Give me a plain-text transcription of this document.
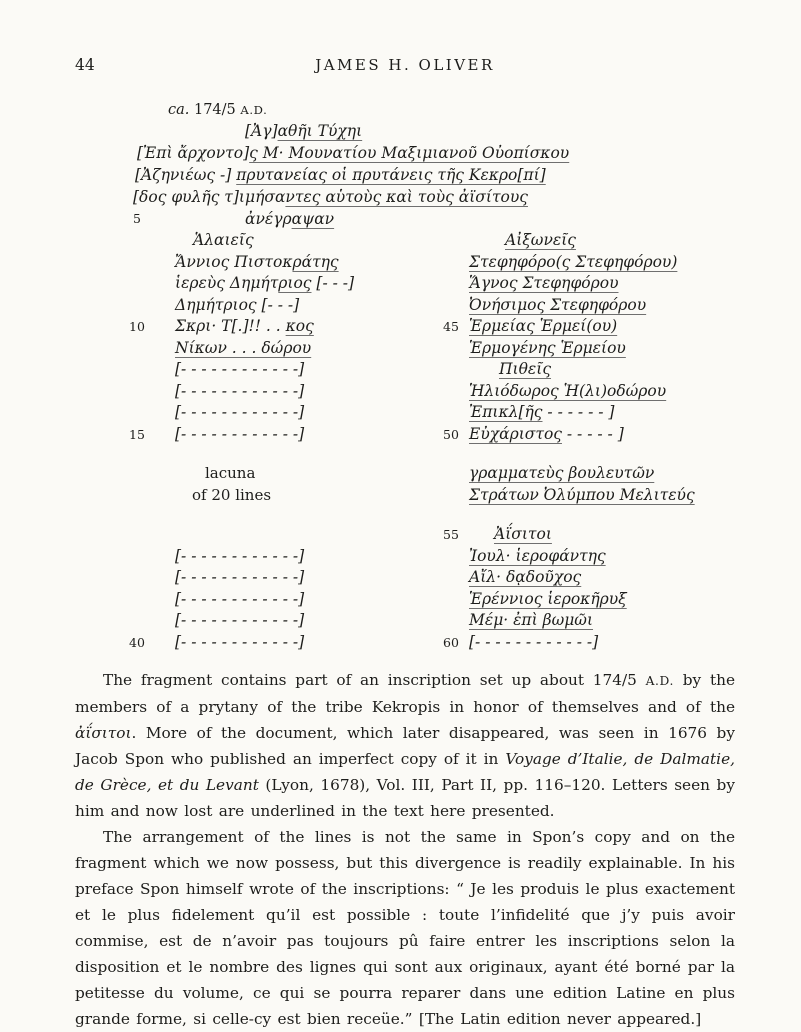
44	JAMES H. OLIVER
ca. 174/5 A.D.
[Ἀγ]αθῆι Τύχηι
[Ἐπὶ ἄρχοντο]ς Μ· Μουνατίου Μαξιμιανοῦ Οὐοπίσκου
[Ἀζηνιέως -] πρυτανείας οἱ πρυτάνεις τῆς Κεκρο[πί]
[δος φυλῆς τ]ιμήσαντες αὑτοὺς καὶ τοὺς ἀϊσίτους
5	ἀνέγραψαν
Ἁλαιεῖς	Αἰξωνεῖς
Ἄννιος Πιστοκράτης	Στεφηφόρο(ς Στεφηφόρου)
ἱερεὺς Δημήτριος [- - -]	Ἅγνος Στεφηφόρου
Δημήτριος [- - -]	Ὀνήσιμος Στεφηφόρου
10	Σκρι· Τ[.]!! . . κος	45 Ἑρμείας Ἑρμεί(ου)
Νίκων . . . δώρου	Ἑρμογένης Ἑρμείου
[- - - - - - - - - - - -]	Πιθεῖς
[- - - - - - - - - - - -]	Ἡλιόδωρος Ἡ(λι)οδώρου
[- - - - - - - - - - - -]	Ἐπικλ[ῆς - - - - - - ]
15	[- - - - - - - - - - - -]	50 Εὐχάριστος - - - - - ]
lacuna	γραμματεὺς βουλευτῶν
of 20 lines	Στράτων Ὀλύμπου Μελιτεύς
55	Ἀΐσιτοι
[- - - - - - - - - - - -]	Ἰουλ· ἱεροφάντης
[- - - - - - - - - - - -]	Αἴλ· δᾳδοῦχος
[- - - - - - - - - - - -]	Ἑρέννιος ἱεροκῆρυξ
[- - - - - - - - - - - -]	Μέμ· ἐπὶ βωμῶι
40	[- - - - - - - - - - - -]	60 [- - - - - - - - - - - -]

The fragment contains part of an inscription set up about 174/5 A.D. by the members of a prytany of the tribe Kekropis in honor of themselves and of the ἀΐσιτοι. More of the document, which later disappeared, was seen in 1676 by Jacob Spon who published an imperfect copy of it in Voyage d’Italie, de Dalmatie, de Grèce, et du Levant (Lyon, 1678), Vol. III, Part II, pp. 116–120. Letters seen by him and now lost are underlined in the text here presented.

The arrangement of the lines is not the same in Spon’s copy and on the fragment which we now possess, but this divergence is readily explainable. In his preface Spon himself wrote of the inscriptions: “ Je les produis le plus exactement et le plus fidelement qu’il est possible : toute l’infidelité que j’y puis avoir commise, est de n’avoir pas toujours pû faire entrer les inscriptions selon la disposition et le nombre des lignes qui sont aux originaux, ayant été borné par la petitesse du volume, ce qui se pourra reparer dans une edition Latine en plus grande forme, si celle-cy est bien receüe.” [The Latin edition never appeared.]
